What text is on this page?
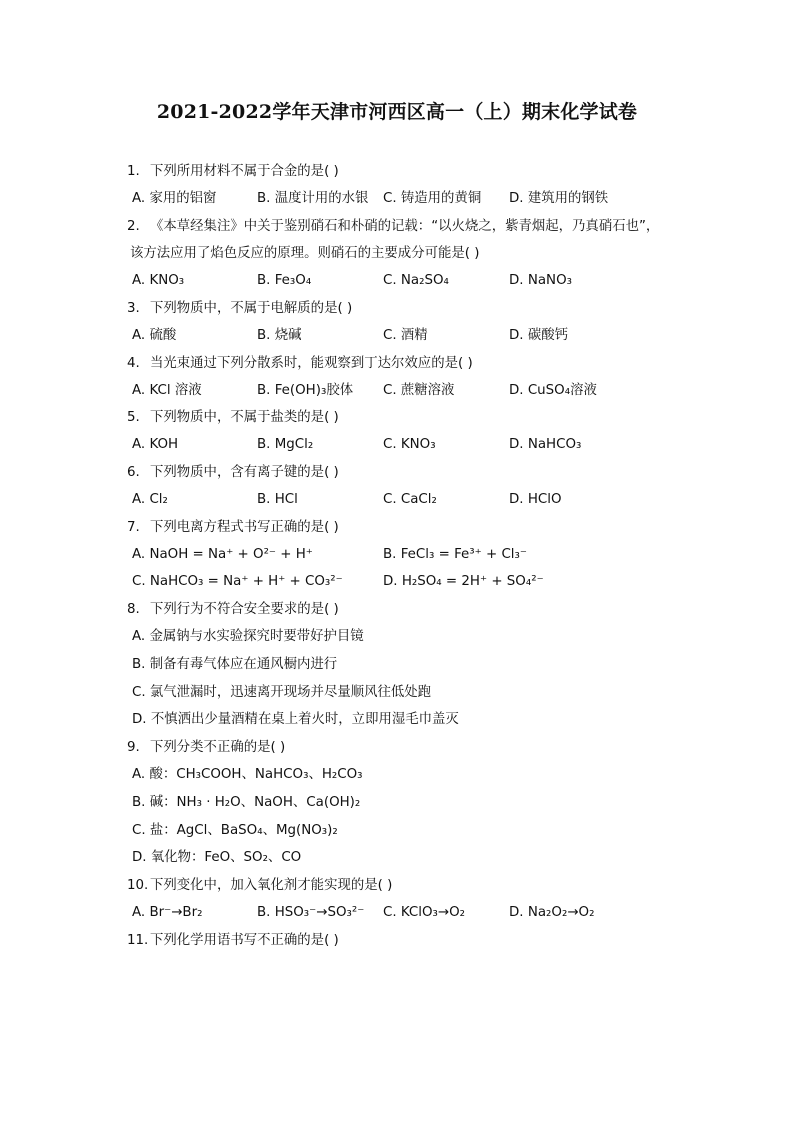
2021-2022学年天津市河西区高一（上）期末化学试卷
1. 下列所用材料不属于合金的是( )
A. 家用的铝窗	B. 温度计用的水银 C. 铸造用的黄铜 D. 建筑用的钢铁
2. 《本草经集注》中关于鉴别硝石和朴硝的记载：“以火烧之，紫青烟起，乃真硝石也”，
该方法应用了焰色反应的原理。则硝石的主要成分可能是( )
A. KNO₃	B. Fe₃O₄	C. Na₂SO₄	D. NaNO₃
3. 下列物质中，不属于电解质的是( )
A. 硫酸	B. 烧碱	C. 酒精	D. 碳酸钙
4. 当光束通过下列分散系时，能观察到丁达尔效应的是( )
A. KCl 溶液	B. Fe(OH)₃胶体 C. 蔗糖溶液	D. CuSO₄溶液
5. 下列物质中，不属于盐类的是( )
A. KOH	B. MgCl₂	C. KNO₃	D. NaHCO₃
6. 下列物质中，含有离子键的是( )
A. Cl₂	B. HCl	C. CaCl₂	D. HClO
7. 下列电离方程式书写正确的是( )
A. NaOH = Na⁺ + O²⁻ + H⁺	B. FeCl₃ = Fe³⁺ + Cl₃⁻
C. NaHCO₃ = Na⁺ + H⁺ + CO₃²⁻	D. H₂SO₄ = 2H⁺ + SO₄²⁻
8. 下列行为不符合安全要求的是( )
A. 金属钠与水实验探究时要带好护目镜
B. 制备有毒气体应在通风橱内进行
C. 氯气泄漏时，迅速离开现场并尽量顺风往低处跑
D. 不慎洒出少量酒精在桌上着火时，立即用湿毛巾盖灭
9. 下列分类不正确的是( )
A. 酸：CH₃COOH、NaHCO₃、H₂CO₃
B. 碱：NH₃ · H₂O、NaOH、Ca(OH)₂
C. 盐：AgCl、BaSO₄、Mg(NO₃)₂
D. 氧化物：FeO、SO₂、CO
10. 下列变化中，加入氧化剂才能实现的是( )
A. Br⁻→Br₂	B. HSO₃⁻→SO₃²⁻ C. KClO₃→O₂	D. Na₂O₂→O₂
11. 下列化学用语书写不正确的是( )
